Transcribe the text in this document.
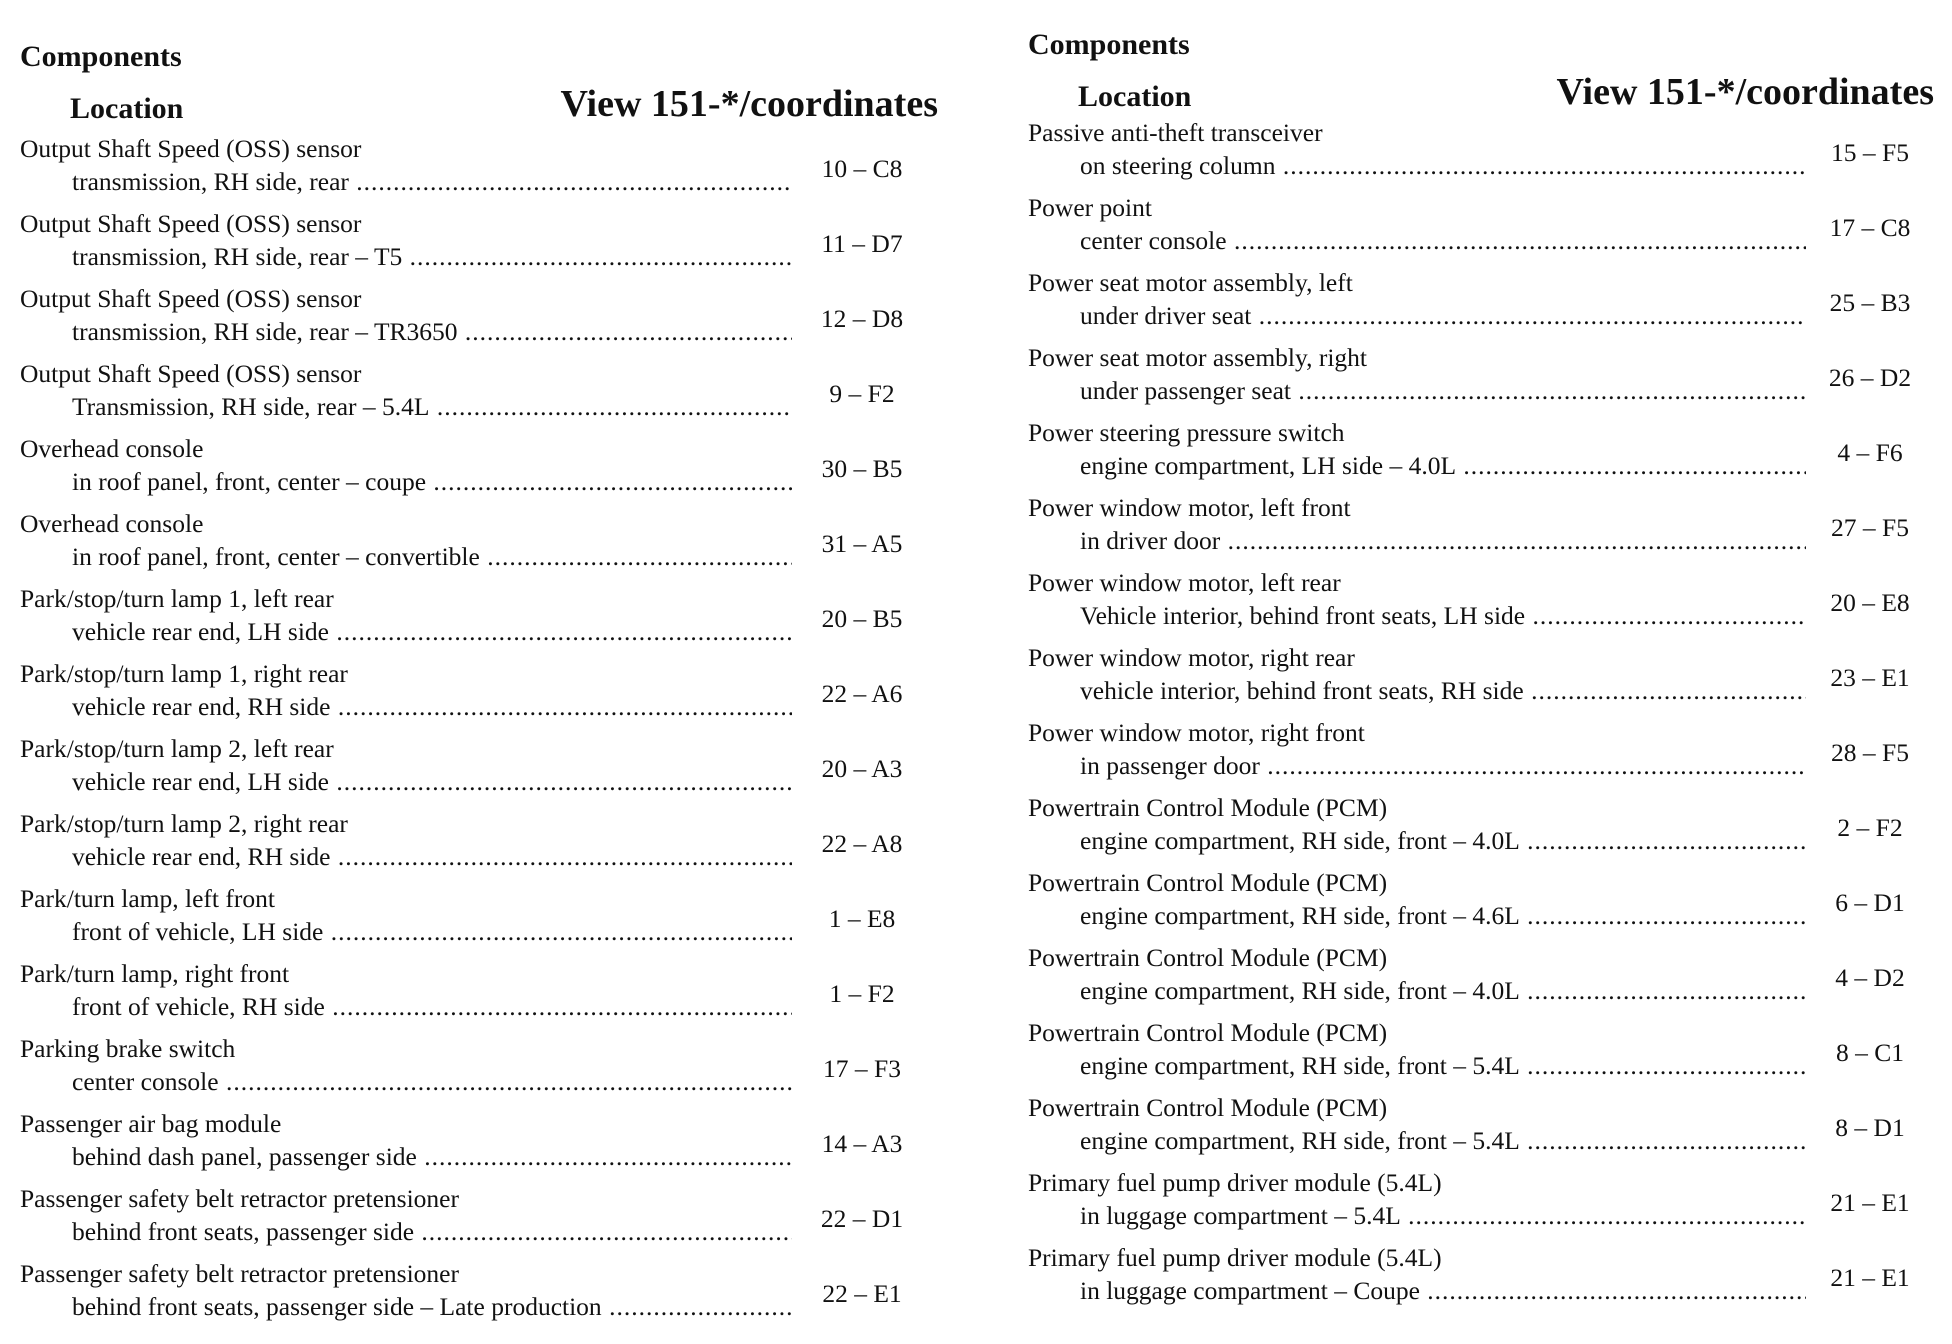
Components
Location	View 151-*/coordinates
Output Shaft Speed (OSS) sensor
transmission, RH side, rear .....	10 – C8
Output Shaft Speed (OSS) sensor
transmission, RH side, rear – T5 .....	11 – D7
Output Shaft Speed (OSS) sensor
transmission, RH side, rear – TR3650 .....	12 – D8
Output Shaft Speed (OSS) sensor
Transmission, RH side, rear – 5.4L .....	9 – F2
Overhead console
in roof panel, front, center – coupe .....	30 – B5
Overhead console
in roof panel, front, center – convertible .....	31 – A5
Park/stop/turn lamp 1, left rear
vehicle rear end, LH side .....	20 – B5
Park/stop/turn lamp 1, right rear
vehicle rear end, RH side .....	22 – A6
Park/stop/turn lamp 2, left rear
vehicle rear end, LH side .....	20 – A3
Park/stop/turn lamp 2, right rear
vehicle rear end, RH side .....	22 – A8
Park/turn lamp, left front
front of vehicle, LH side .....	1 – E8
Park/turn lamp, right front
front of vehicle, RH side .....	1 – F2
Parking brake switch
center console .....	17 – F3
Passenger air bag module
behind dash panel, passenger side .....	14 – A3
Passenger safety belt retractor pretensioner
behind front seats, passenger side .....	22 – D1
Passenger safety belt retractor pretensioner
behind front seats, passenger side – Late production .....	22 – E1
Components
Location	View 151-*/coordinates
Passive anti-theft transceiver
on steering column .....	15 – F5
Power point
center console .....	17 – C8
Power seat motor assembly, left
under driver seat .....	25 – B3
Power seat motor assembly, right
under passenger seat .....	26 – D2
Power steering pressure switch
engine compartment, LH side – 4.0L .....	4 – F6
Power window motor, left front
in driver door .....	27 – F5
Power window motor, left rear
Vehicle interior, behind front seats, LH side .....	20 – E8
Power window motor, right rear
vehicle interior, behind front seats, RH side .....	23 – E1
Power window motor, right front
in passenger door .....	28 – F5
Powertrain Control Module (PCM)
engine compartment, RH side, front – 4.0L .....	2 – F2
Powertrain Control Module (PCM)
engine compartment, RH side, front – 4.6L .....	6 – D1
Powertrain Control Module (PCM)
engine compartment, RH side, front – 4.0L .....	4 – D2
Powertrain Control Module (PCM)
engine compartment, RH side, front – 5.4L .....	8 – C1
Powertrain Control Module (PCM)
engine compartment, RH side, front – 5.4L .....	8 – D1
Primary fuel pump driver module (5.4L)
in luggage compartment – 5.4L .....	21 – E1
Primary fuel pump driver module (5.4L)
in luggage compartment – Coupe .....	21 – E1
